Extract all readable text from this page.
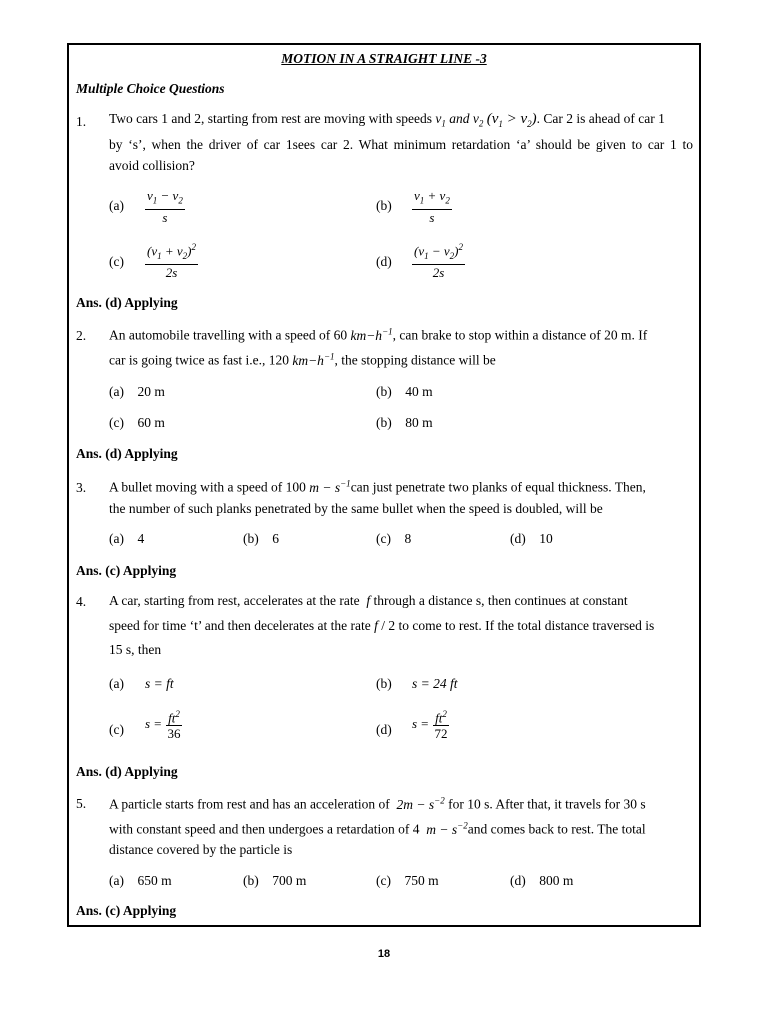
MOTION IN A STRAIGHT LINE -3
Multiple Choice Questions
1. Two cars 1 and 2, starting from rest are moving with speeds $v_1$ and $v_2$ $(v_1 > v_2)$. Car 2 is ahead of car 1
by ‘s’, when the driver of car 1sees car 2. What minimum retardation ‘a’ should be given to car 1 to
avoid collision?
$(a) \frac{v_1 - v_2}{s}$	$(b) \frac{v_1 + v_2}{s}$
$(c) \frac{(v_1 + v_2)^2}{2s}$	$(d) \frac{(v_1 - v_2)^2}{2s}$
Ans. (d) Applying
2. An automobile travelling with a speed of 60 $km-h^{-1}$, can brake to stop within a distance of 20 m. If
car is going twice as fast i.e., 120 $km-h^{-1}$, the stopping distance will be
(a) 20 m	(b) 40 m
(c) 60 m	(b) 80 m
Ans. (d) Applying
3. A bullet moving with a speed of 100 $m - s^{-1}can$ just penetrate two planks of equal thickness. Then,
the number of such planks penetrated by the same bullet when the speed is doubled, will be
(a) 4	(b) 6	(c) 8	(d) 10
Ans. (c) Applying
4. A car, starting from rest, accelerates at the rate f through a distance s, then continues at constant
speed for time ‘t’ and then decelerates at the rate f / 2 to come to rest. If the total distance traversed is
15 s, then
(a) s = ft	(b) s = 24 ft
(c) $s = \frac{ft^2}{36}$	(d) $s = \frac{ft^2}{72}$
Ans. (d) Applying
5. A particle starts from rest and has an acceleration of $2m - s^{-2}$ for 10 s. After that, it travels for 30 s
with constant speed and then undergoes a retardation of 4 $m - s^{-2}and$ comes back to rest. The total
distance covered by the particle is
(a) 650 m	(b) 700 m	(c) 750 m	(d) 800 m
Ans. (c) Applying
18
